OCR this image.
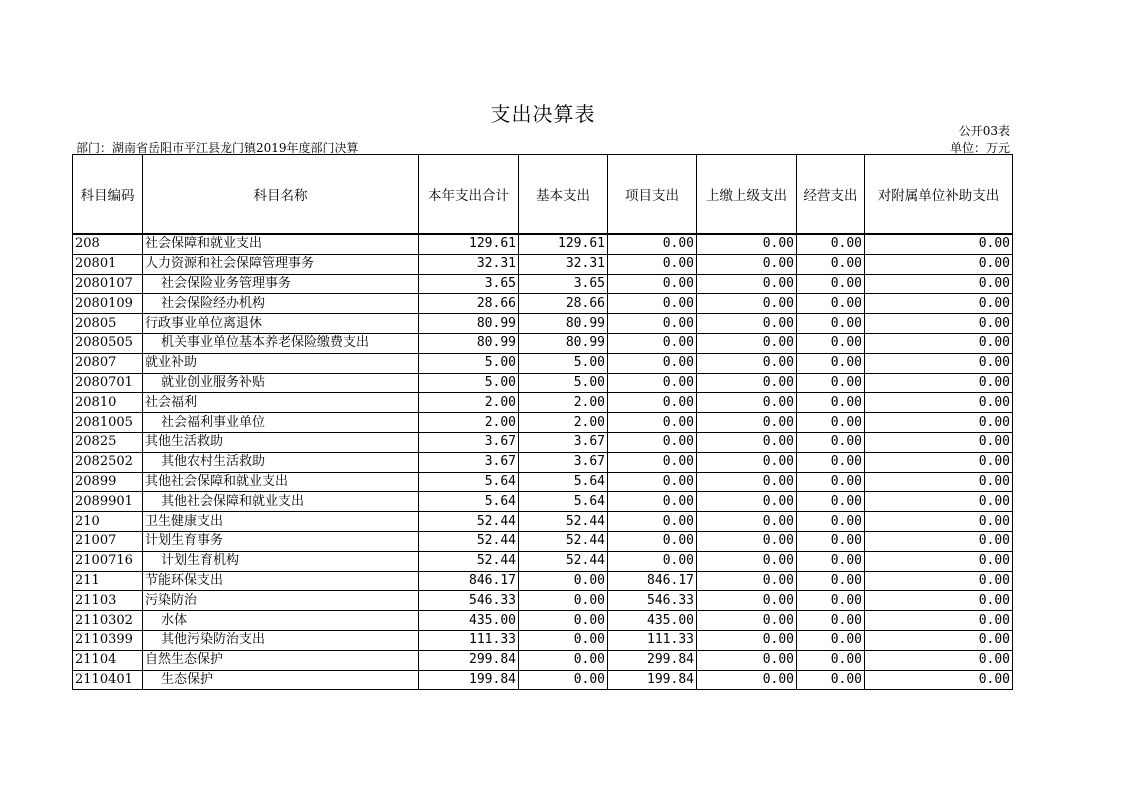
支出决算表
公开03表
部门：湖南省岳阳市平江县龙门镇2019年度部门决算	单位：万元
科目编码	科目名称	本年支出合计	基本支出	项目支出	上缴上级支出	经营支出	对附属单位补助支出
208	社会保障和就业支出	129.61	129.61	0.00	0.00	0.00	0.00
20801	人力资源和社会保障管理事务	32.31	32.31	0.00	0.00	0.00	0.00
2080107	社会保险业务管理事务	3.65	3.65	0.00	0.00	0.00	0.00
2080109	社会保险经办机构	28.66	28.66	0.00	0.00	0.00	0.00
20805	行政事业单位离退休	80.99	80.99	0.00	0.00	0.00	0.00
2080505	机关事业单位基本养老保险缴费支出	80.99	80.99	0.00	0.00	0.00	0.00
20807	就业补助	5.00	5.00	0.00	0.00	0.00	0.00
2080701	就业创业服务补贴	5.00	5.00	0.00	0.00	0.00	0.00
20810	社会福利	2.00	2.00	0.00	0.00	0.00	0.00
2081005	社会福利事业单位	2.00	2.00	0.00	0.00	0.00	0.00
20825	其他生活救助	3.67	3.67	0.00	0.00	0.00	0.00
2082502	其他农村生活救助	3.67	3.67	0.00	0.00	0.00	0.00
20899	其他社会保障和就业支出	5.64	5.64	0.00	0.00	0.00	0.00
2089901	其他社会保障和就业支出	5.64	5.64	0.00	0.00	0.00	0.00
210	卫生健康支出	52.44	52.44	0.00	0.00	0.00	0.00
21007	计划生育事务	52.44	52.44	0.00	0.00	0.00	0.00
2100716	计划生育机构	52.44	52.44	0.00	0.00	0.00	0.00
211	节能环保支出	846.17	0.00	846.17	0.00	0.00	0.00
21103	污染防治	546.33	0.00	546.33	0.00	0.00	0.00
2110302	水体	435.00	0.00	435.00	0.00	0.00	0.00
2110399	其他污染防治支出	111.33	0.00	111.33	0.00	0.00	0.00
21104	自然生态保护	299.84	0.00	299.84	0.00	0.00	0.00
2110401	生态保护	199.84	0.00	199.84	0.00	0.00	0.00
